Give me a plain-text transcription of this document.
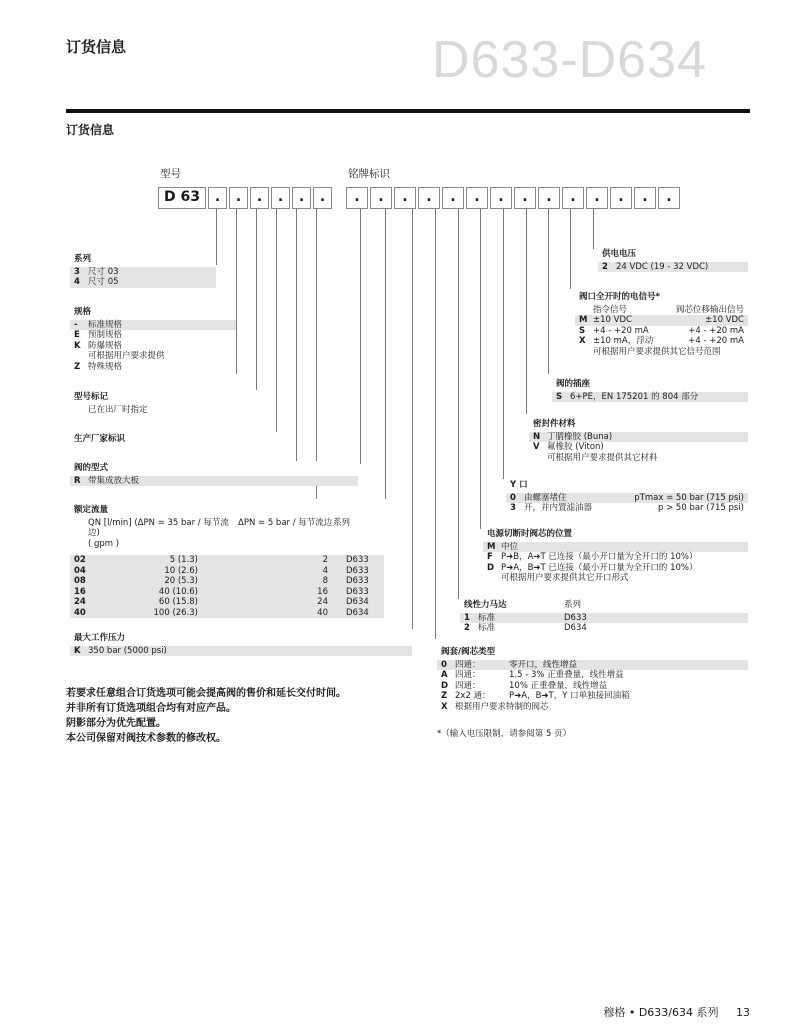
订货信息	D633-D634
订货信息
型号	铭牌标识
D 63	.	.	.	.	.	.	.	.	.	.	.	.	.	.	.	.	.	.	.	.
系列
3 尺寸 03
4 尺寸 05
规格
-	标准规格
E 预制规格
K 防爆规格
可根据用户要求提供
Z 特殊规格
型号标记
已在出厂时指定
生产厂家标识
阀的型式
R 带集成放大板
额定流量
QN [l/min] (ΔPN = 35 bar / 每节流边)
ΔPN = 5 bar / 每节流边 系列
( gpm )
02	5 (1.3)	2 D633
04	10 (2.6)	4 D633
08	20 (5.3)	8 D633
16	40 (10.6)	16 D633
24	60 (15.8)	24 D634
40	100 (26.3)	40 D634
最大工作压力
K 350 bar (5000 psi)
供电电压
2 24 VDC (19 - 32 VDC)
阀口全开时的电信号*
指令信号	阀芯位移输出信号
M ±10 VDC	±10 VDC
S +4 - +20 mA	+4 - +20 mA
X ±10 mA，浮动	+4 - +20 mA
可根据用户要求提供其它信号范围
阀的插座
S 6+PE，EN 175201 的 804 部分
密封件材料
N 丁腈橡胶 (Buna)
V 氟橡胶 (Viton)
可根据用户要求提供其它材料
Y 口
0 由螺塞堵住	pTmax = 50 bar (715 psi)
3 开，并内置滤油器	p > 50 bar (715 psi)
电源切断时阀芯的位置
M 中位
F P➜B，A➜T 已连接（最小开口量为全开口的 10%）
D P➜A，B➜T 已连接（最小开口量为全开口的 10%）
可根据用户要求提供其它开口形式
线性力马达	系列
1 标准	D633
2 标准	D634
阀套/阀芯类型
0 四通：	零开口，线性增益
A 四通：	1.5 - 3% 正重叠量，线性增益
D 四通：	10% 正重叠量，线性增益
Z 2x2 通：	P➜A，B➜T，Y 口单独接回油箱
X 根据用户要求特制的阀芯
*（输入电压限制，请参阅第 5 页）
若要求任意组合订货选项可能会提高阀的售价和延长交付时间。
并非所有订货选项组合均有对应产品。
阴影部分为优先配置。
本公司保留对阀技术参数的修改权。
穆格 • D633/634 系列 13
